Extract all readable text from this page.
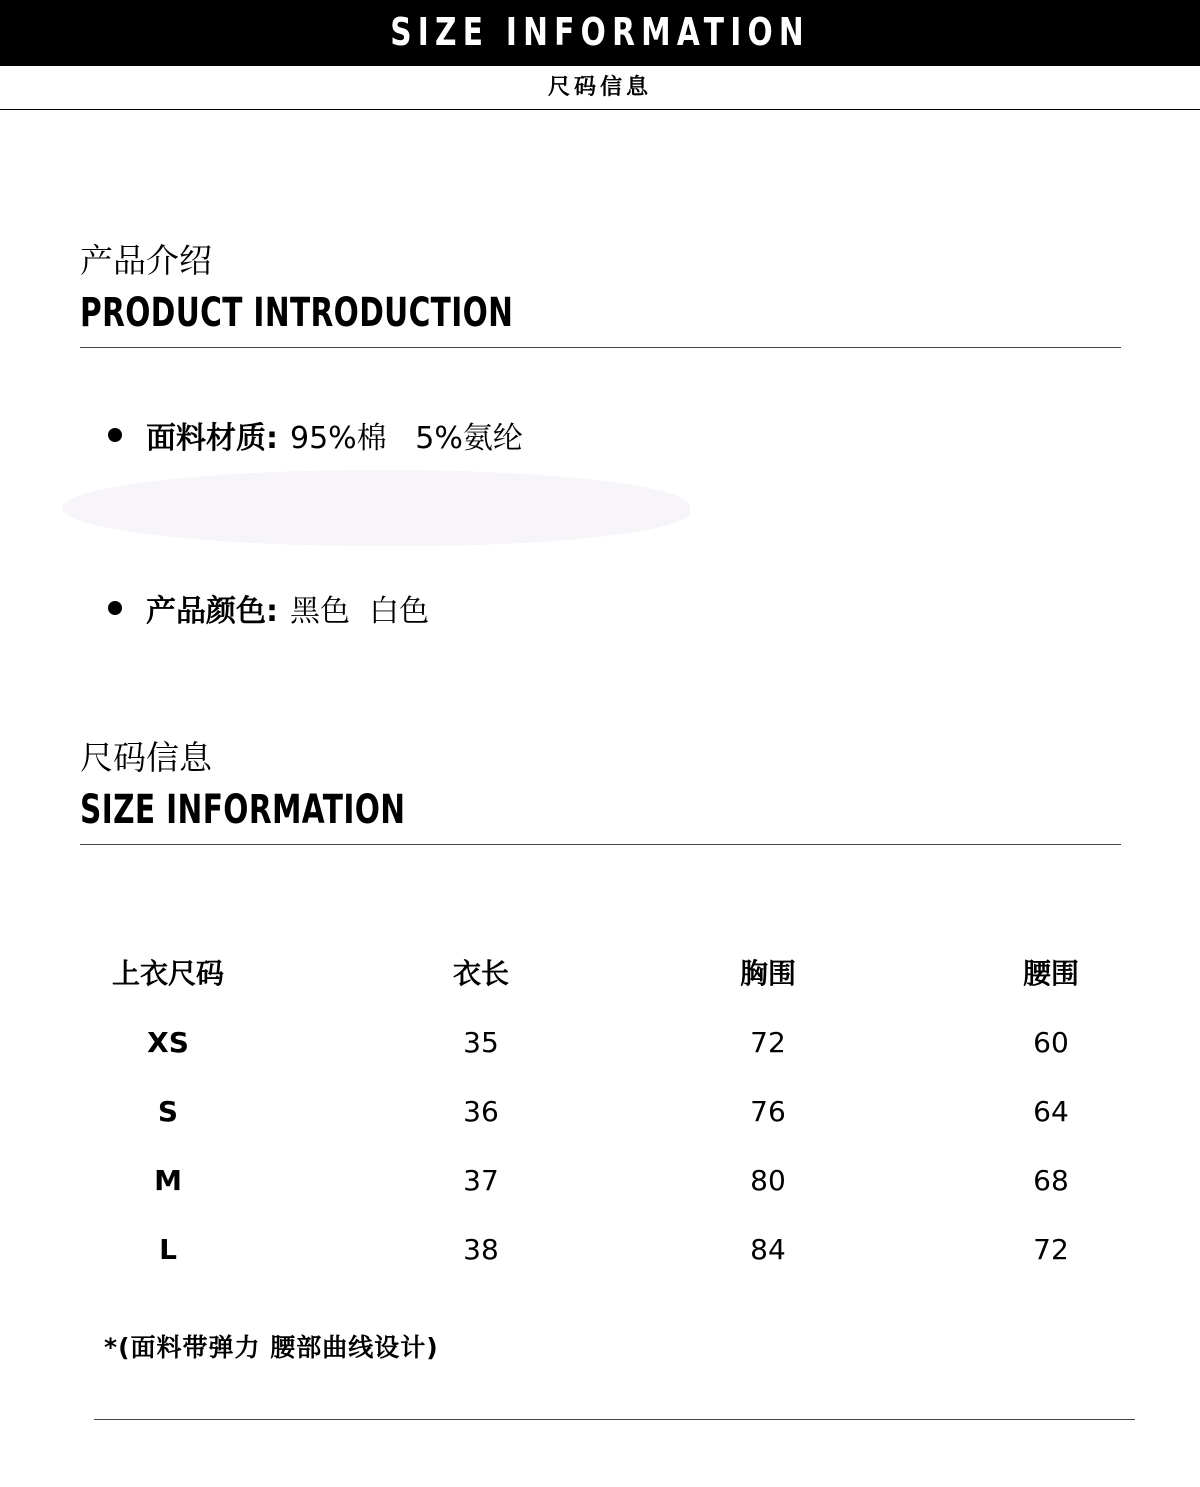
SIZE INFORMATION
尺码信息
产品介绍
PRODUCT INTRODUCTION
面料材质: 95%棉   5%氨纶
产品颜色: 黑色  白色
尺码信息
SIZE INFORMATION
上衣尺码	衣长	胸围	腰围
XS	35	72	60
S	36	76	64
M	37	80	68
L	38	84	72
*(面料带弹力 腰部曲线设计)
